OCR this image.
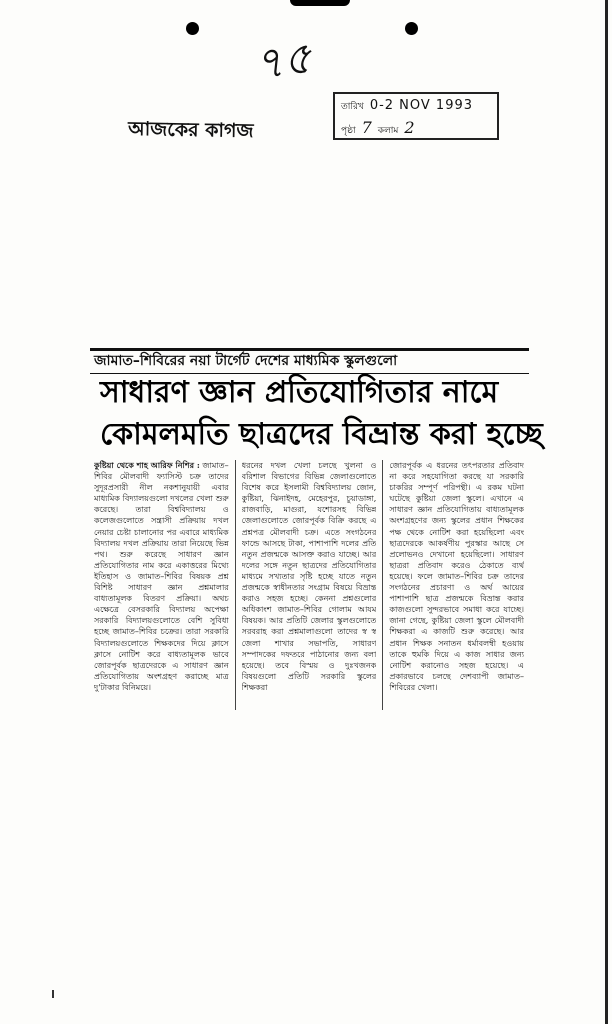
৭৫
আজকের কাগজ
তারিখ 0-2 NOV 1993
পৃষ্ঠা 7 কলাম 2
জামাত–শিবিরের নয়া টার্গেট দেশের মাধ্যমিক স্কুলগুলো
সাধারণ জ্ঞান প্রতিযোগিতার নামে
কোমলমতি ছাত্রদের বিভ্রান্ত করা হচ্ছে
কুষ্টিয়া থেকে শাহ আরিফ নিশির : জামাত–শিবির মৌলবাদী ফ্যাসিস্ট চক্র তাদের সুদূরপ্রসারী নীল নকশানুযায়ী এবার মাধ্যমিক বিদ্যালয়গুলো দখলের খেলা শুরু করেছে। তারা বিশ্ববিদ্যালয় ও কলেজগুলোতে সন্ত্রাসী প্রক্রিয়ায় দখল নেয়ার চেষ্টা চালানোর পর এবারে মাধ্যমিক বিদ্যালয় দখল প্রক্রিয়ায় তারা নিয়েছে ভিন্ন পথ। শুরু করেছে সাধারণ জ্ঞান প্রতিযোগিতার নাম করে একাত্তরের মিথ্যে ইতিহাস ও জামাত–শিবির বিষয়ক প্রশ্ন বিশিষ্ট সাধারণ জ্ঞান প্রশ্নমালার বাধ্যতামূলক বিতরণ প্রক্রিয়া। অথচ এক্ষেত্রে বেসরকারি বিদ্যালয় অপেক্ষা সরকারি বিদ্যালয়গুলোতে বেশি সুবিধা হচ্ছে জামাত–শিবির চক্রের। তারা সরকারি বিদ্যালয়গুলোতে শিক্ষকদের দিয়ে ক্লাসে ক্লাসে নোটিশ করে বাধ্যতামূলক ভাবে জোরপূর্বক ছাত্রদেরকে এ সাধারণ জ্ঞান প্রতিযোগিতায় অংশগ্রহণ করাচ্ছে মাত্র দু'টাকার বিনিময়ে।
ধরনের দখল খেলা চলছে খুলনা ও বরিশাল বিভাগের বিভিন্ন জেলাগুলোতে বিশেষ করে ইসলামী বিশ্ববিদ্যালয় জোন, কুষ্টিয়া, ঝিনাইদহ, মেহেরপুর, চুয়াডাঙ্গা, রাজবাড়ি, মাগুরা, যশোরসহ বিভিন্ন জেলাগুলোতে জোরপূর্বক বিক্রি করছে এ প্রশ্নপত্র মৌলবাদী চক্র। এতে সংগঠনের ফান্ডে আসছে টাকা, পাশাপাশি দলের প্রতি নতুন প্রজন্মকে আসক্ত করাও যাচ্ছে। আর দলের সঙ্গে নতুন ছাত্রদের প্রতিযোগিতার মাধ্যমে সখ্যতার সৃষ্টি হচ্ছে যাতে নতুন প্রজন্মকে স্বাধীনতার সংগ্রাম বিষয়ে বিভ্রান্ত করাও সহজ হচ্ছে। কেননা প্রশ্নগুলোর অধিকাংশ জামাত–শিবির গোলাম আযম বিষয়ক। আর প্রতিটি জেলার স্কুলগুলোতে সরবরাহ করা প্রশ্নমালাগুলো তাদের স্ব স্ব জেলা শাখার সভাপতি, সাধারণ সম্পাদকের দফতরে পাঠানোর জন্য বলা হয়েছে। তবে বিস্ময় ও দুঃখজনক বিষয়গুলো প্রতিটি সরকারি স্কুলের শিক্ষকরা
জোরপূর্বক এ ধরনের তৎপরতার প্রতিবাদ না করে সহযোগিতা করছে যা সরকারি চাকরির সম্পূর্ণ পরিপন্থী। এ রকম ঘটনা ঘটেছে কুষ্টিয়া জেলা স্কুলে। এখানে এ সাধারণ জ্ঞান প্রতিযোগিতায় বাধ্যতামূলক অংশগ্রহণের জন্য স্কুলের প্রধান শিক্ষকের পক্ষ থেকে নোটিশ করা হয়েছিলো এবং ছাত্রদেরকে আকর্ষণীয় পুরস্কার আছে সে প্রলোভনও দেখানো হয়েছিলো। সাধারণ ছাত্ররা প্রতিবাদ করেও ঠেকাতে ব্যর্থ হয়েছে। ফলে জামাত–শিবির চক্র তাদের সংগঠনের প্রচারণা ও অর্থ আয়ের পাশাপাশি ছাত্র প্রজন্মকে বিভ্রান্ত করার কাজগুলো সুন্দরভাবে সমাধা করে যাচ্ছে। জানা গেছে, কুষ্টিয়া জেলা স্কুলে মৌলবাদী শিক্ষকরা এ কাজটি শুরু করেছে। আর প্রধান শিক্ষক সনাতন ধর্মাবলম্বী হওয়ায় তাকে হুমকি দিয়ে এ কাজ সাধার জন্য নোটিশ করানোও সহজ হয়েছে। এ প্রকারভাবে চলছে দেশব্যাপী জামাত–শিবিরের খেলা।
